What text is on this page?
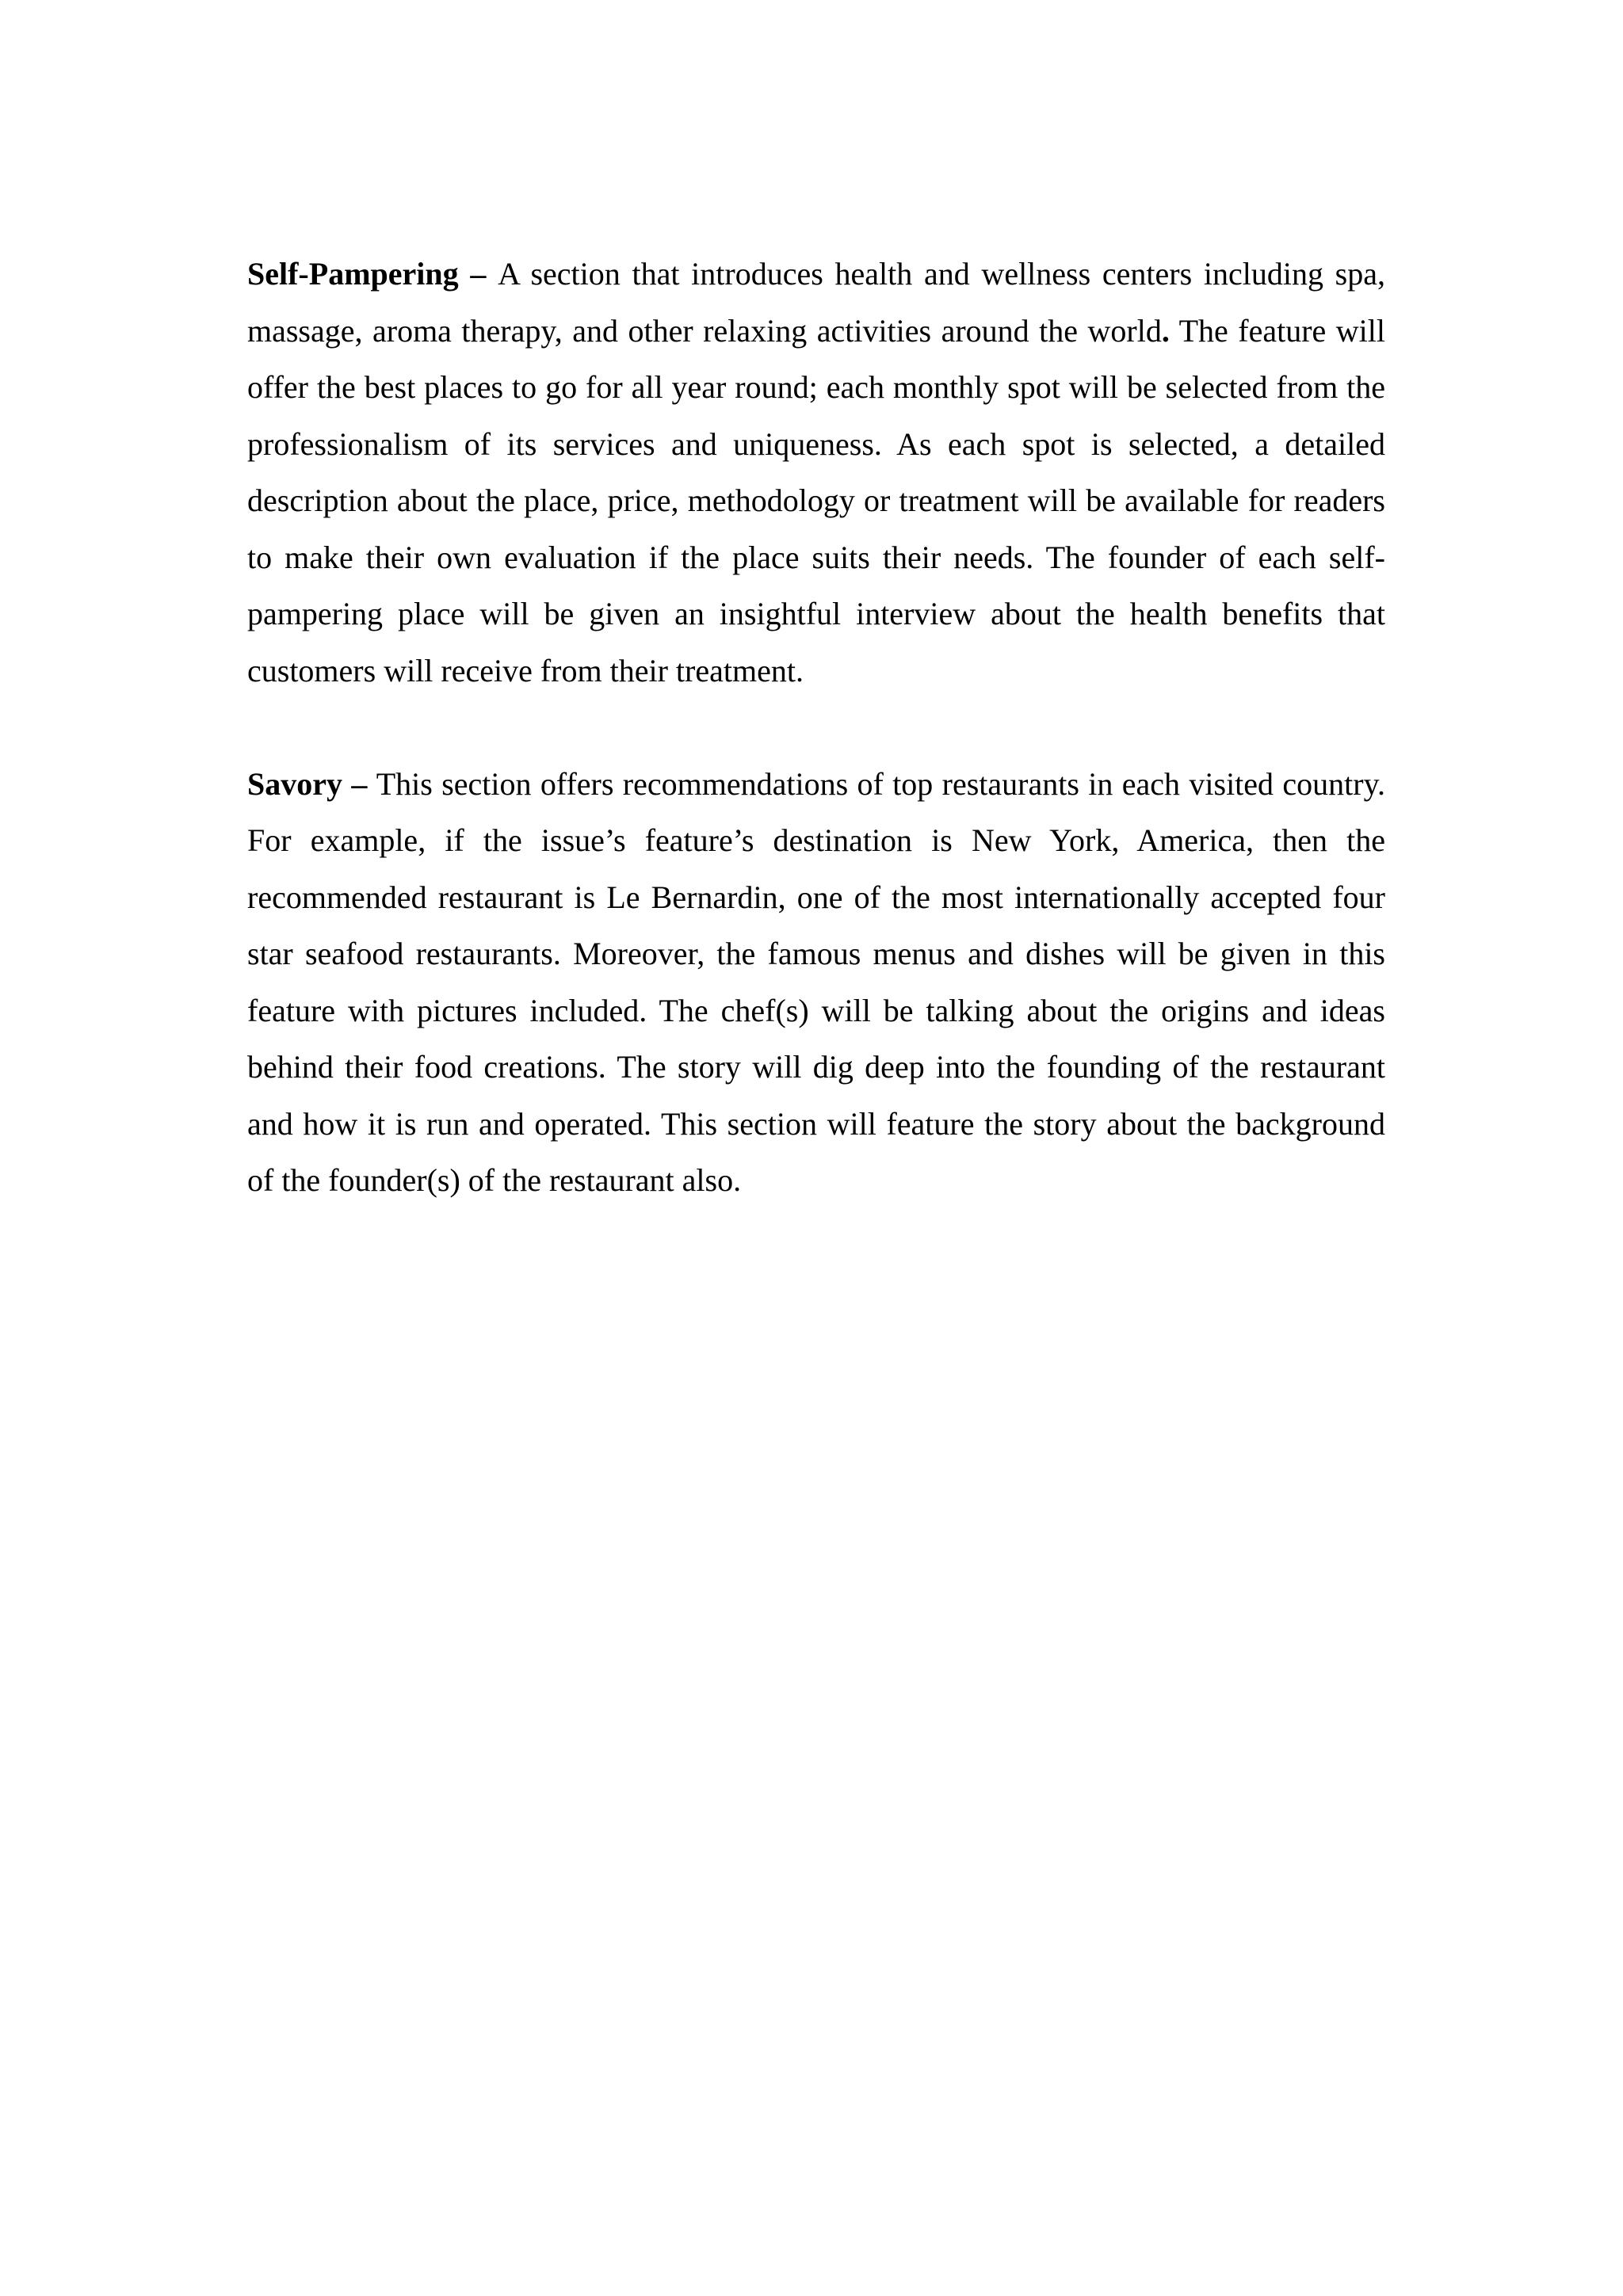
Self-Pampering – A section that introduces health and wellness centers including spa, massage, aroma therapy, and other relaxing activities around the world. The feature will offer the best places to go for all year round; each monthly spot will be selected from the professionalism of its services and uniqueness. As each spot is selected, a detailed description about the place, price, methodology or treatment will be available for readers to make their own evaluation if the place suits their needs. The founder of each self-pampering place will be given an insightful interview about the health benefits that customers will receive from their treatment.

Savory – This section offers recommendations of top restaurants in each visited country. For example, if the issue’s feature’s destination is New York, America, then the recommended restaurant is Le Bernardin, one of the most internationally accepted four star seafood restaurants. Moreover, the famous menus and dishes will be given in this feature with pictures included. The chef(s) will be talking about the origins and ideas behind their food creations. The story will dig deep into the founding of the restaurant and how it is run and operated. This section will feature the story about the background of the founder(s) of the restaurant also.
